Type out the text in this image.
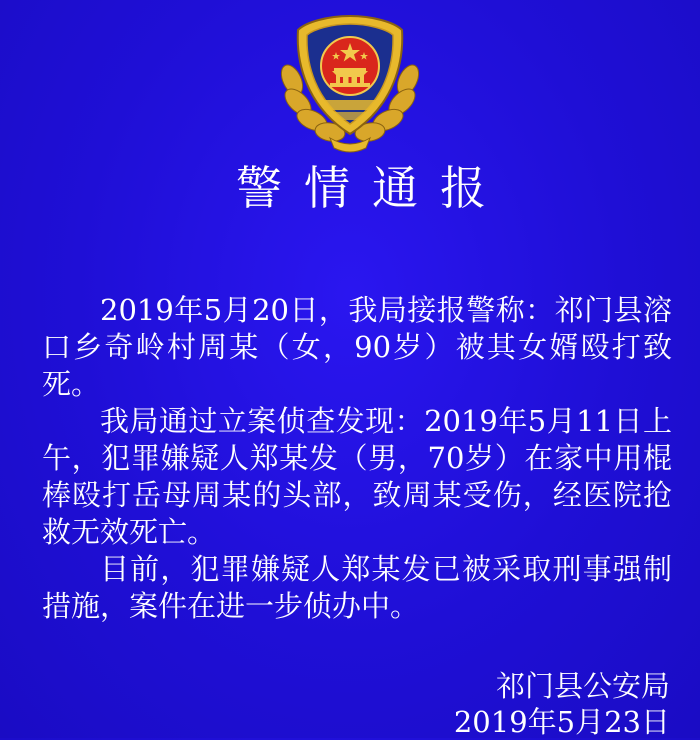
警情通报

2019年5月20日，我局接报警称：祁门县溶口乡奇岭村周某（女，90岁）被其女婿殴打致死。

我局通过立案侦查发现：2019年5月11日上午，犯罪嫌疑人郑某发（男，70岁）在家中用棍棒殴打岳母周某的头部，致周某受伤，经医院抢救无效死亡。

目前，犯罪嫌疑人郑某发已被采取刑事强制措施，案件在进一步侦办中。

祁门县公安局
2019年5月23日
